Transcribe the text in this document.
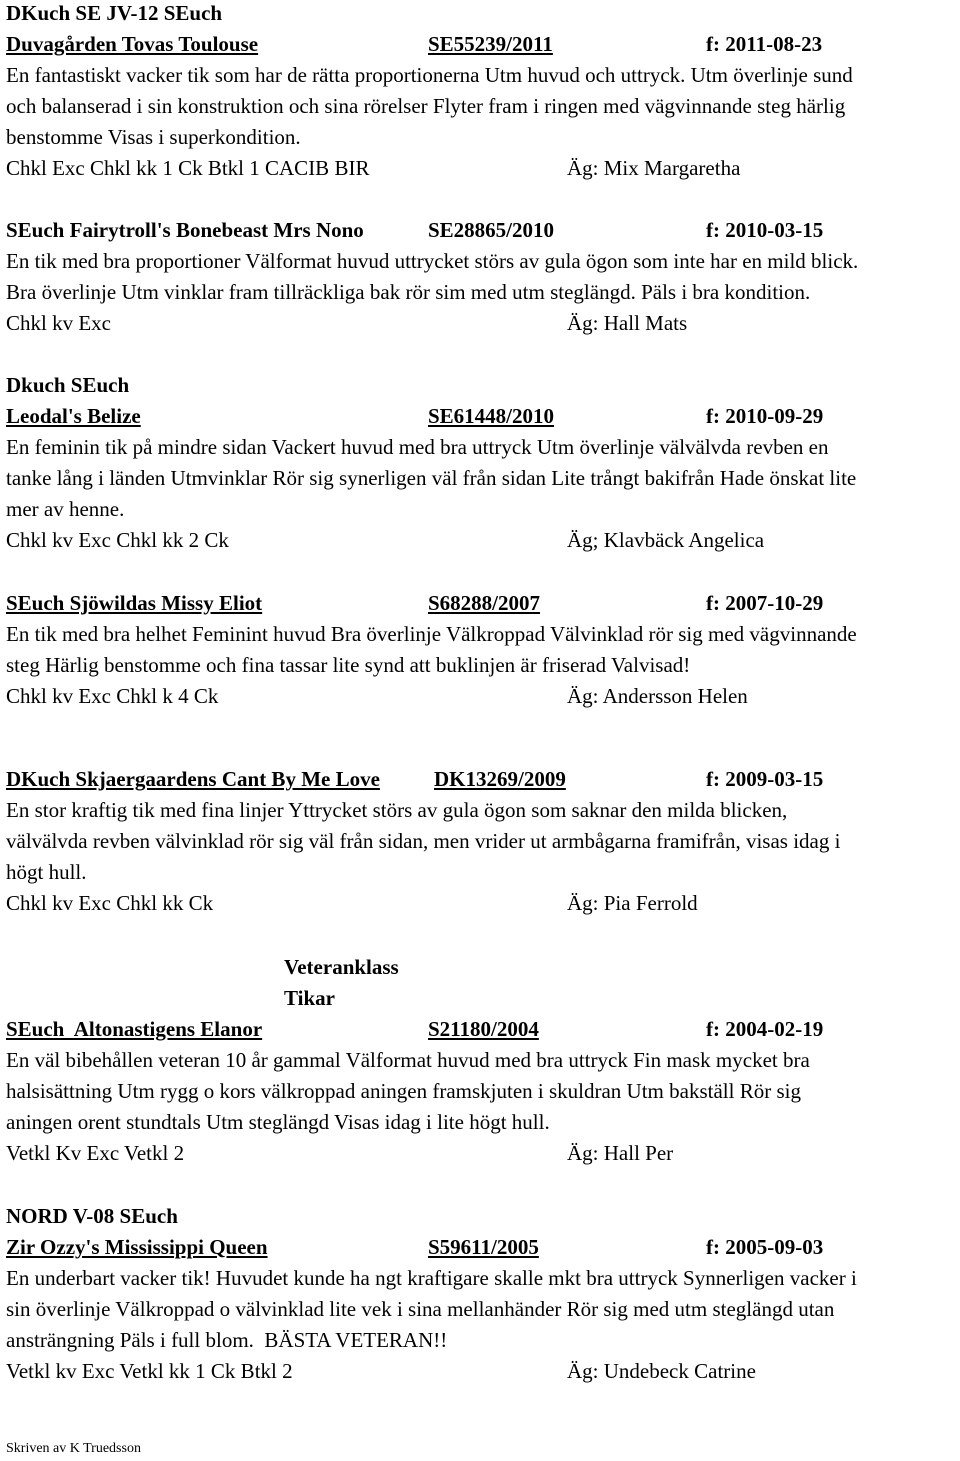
DKuch SE JV-12 SEuch
Duvagården Tovas Toulouse	SE55239/2011	f: 2011-08-23
En fantastiskt vacker tik som har de rätta proportionerna Utm huvud och uttryck. Utm överlinje sund
och balanserad i sin konstruktion och sina rörelser Flyter fram i ringen med vägvinnande steg härlig
benstomme Visas i superkondition.
Chkl Exc Chkl kk 1 Ck Btkl 1 CACIB BIR	Äg: Mix Margaretha
SEuch Fairytroll's Bonebeast Mrs Nono	SE28865/2010	f: 2010-03-15
En tik med bra proportioner Välformat huvud uttrycket störs av gula ögon som inte har en mild blick.
Bra överlinje Utm vinklar fram tillräckliga bak rör sim med utm steglängd. Päls i bra kondition.
Chkl kv Exc	Äg: Hall Mats
Dkuch SEuch
Leodal's Belize	SE61448/2010	f: 2010-09-29
En feminin tik på mindre sidan Vackert huvud med bra uttryck Utm överlinje välvälvda revben en
tanke lång i länden Utmvinklar Rör sig synerligen väl från sidan Lite trångt bakifrån Hade önskat lite
mer av henne.
Chkl kv Exc Chkl kk 2 Ck	Äg; Klavbäck Angelica
SEuch Sjöwildas Missy Eliot	S68288/2007	f: 2007-10-29
En tik med bra helhet Feminint huvud Bra överlinje Välkroppad Välvinklad rör sig med vägvinnande
steg Härlig benstomme och fina tassar lite synd att buklinjen är friserad Valvisad!
Chkl kv Exc Chkl k 4 Ck	Äg: Andersson Helen
DKuch Skjaergaardens Cant By Me Love	DK13269/2009	f: 2009-03-15
En stor kraftig tik med fina linjer Yttrycket störs av gula ögon som saknar den milda blicken,
välvälvda revben välvinklad rör sig väl från sidan, men vrider ut armbågarna framifrån, visas idag i
högt hull.
Chkl kv Exc Chkl kk Ck	Äg: Pia Ferrold
Veteranklass
Tikar
SEuch  Altonastigens Elanor	S21180/2004	f: 2004-02-19
En väl bibehållen veteran 10 år gammal Välformat huvud med bra uttryck Fin mask mycket bra
halsisättning Utm rygg o kors välkroppad aningen framskjuten i skuldran Utm bakställ Rör sig
aningen orent stundtals Utm steglängd Visas idag i lite högt hull.
Vetkl Kv Exc Vetkl 2	Äg: Hall Per
NORD V-08 SEuch
Zir Ozzy's Mississippi Queen	S59611/2005	f: 2005-09-03
En underbart vacker tik! Huvudet kunde ha ngt kraftigare skalle mkt bra uttryck Synnerligen vacker i
sin överlinje Välkroppad o välvinklad lite vek i sina mellanhänder Rör sig med utm steglängd utan
ansträngning Päls i full blom.  BÄSTA VETERAN!!
Vetkl kv Exc Vetkl kk 1 Ck Btkl 2	Äg: Undebeck Catrine
Skriven av K Truedsson
